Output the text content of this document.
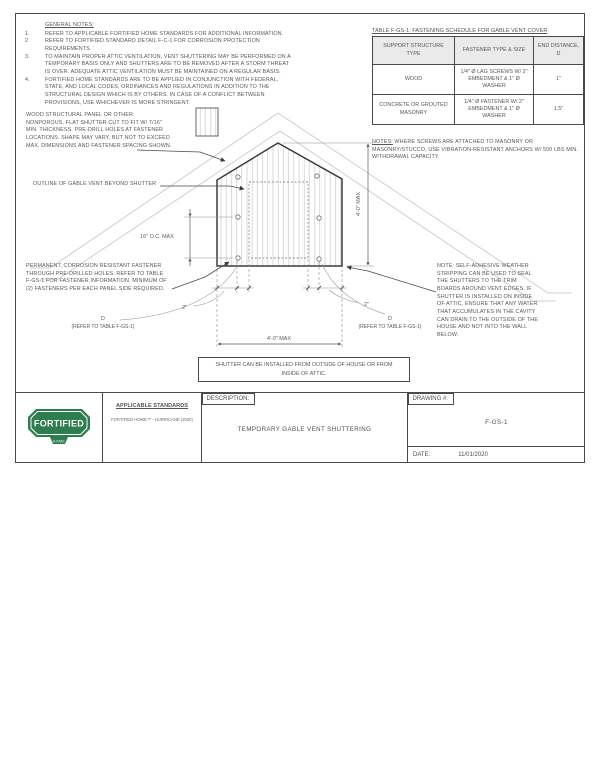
16" O.C. MAX
4'-0" MAX
4'-0" MAX
2"	2"
D
(REFER TO TABLE F-GS-1)
D
(REFER TO TABLE F-GS-1)
GENERAL NOTES:
1.	REFER TO APPLICABLE FORTIFIED HOME STANDARDS FOR ADDITIONAL INFORMATION.
2.	REFER TO FORTIFIED STANDARD DETAIL F-C-1 FOR CORROSION PROTECTION REQUIREMENTS.
3.	TO MAINTAIN PROPER ATTIC VENTILATION, VENT SHUTTERING MAY BE PERFORMED ON A TEMPORARY BASIS ONLY AND SHUTTERS ARE TO BE REMOVED AFTER A STORM THREAT IS OVER. ADEQUATE ATTIC VENTILATION MUST BE MAINTAINED ON A REGULAR BASIS.
4.	FORTIFIED HOME STANDARDS ARE TO BE APPLIED IN CONJUNCTION WITH FEDERAL, STATE, AND LOCAL CODES, ORDINANCES AND REGULATIONS IN ADDITION TO THE STRUCTURAL DESIGN WHICH IS BY OTHERS. IN CASE OF A CONFLICT BETWEEN PROVISIONS, USE WHICHEVER IS MORE STRINGENT.
WOOD STRUCTURAL PANEL OR OTHER NONPOROUS, FLAT SHUTTER CUT TO FIT W/ 7/16" MIN. THICKNESS. PRE-DRILL HOLES AT FASTENER LOCATIONS. SHAPE MAY VARY, BUT NOT TO EXCEED MAX. DIMENSIONS AND FASTENER SPACING SHOWN.
OUTLINE OF GABLE VENT BEYOND SHUTTER
PERMANENT, CORROSION RESISTANT FASTENER THROUGH PRE-DRILLED HOLES. REFER TO TABLE F-GS-1 FOR FASTENER INFORMATION. MINIMUM OF (2) FASTENERS PER EACH PANEL SIDE REQUIRED.
NOTE: SELF-ADHESIVE WEATHER STRIPPING CAN BE USED TO SEAL THE SHUTTERS TO THE TRIM BOARDS AROUND VENT EDGES. IF SHUTTER IS INSTALLED ON INSIDE OF ATTIC, ENSURE THAT ANY WATER THAT ACCUMULATES IN THE CAVITY CAN DRAIN TO THE OUTSIDE OF THE HOUSE AND NOT INTO THE WALL BELOW.
TABLE F-GS-1: FASTENING SCHEDULE FOR GABLE VENT COVER
SUPPORT STRUCTURE TYPE	FASTENER TYPE & SIZE	END DISTANCE, D
WOOD	1/4" Ø LAG SCREWS W/ 2" EMBEDMENT & 1" Ø WASHER	1"
CONCRETE OR GROUTED MASONRY	1/4" Ø FASTENER W/ 2" EMBEDMENT & 1" Ø WASHER	1.5"
NOTES: WHERE SCREWS ARE ATTACHED TO MASONRY OR MASONRY/STUCCO, USE VIBRATION-RESISTANT ANCHORS W/ 500 LBS MIN. WITHDRAWAL CAPACITY.
SHUTTER CAN BE INSTALLED FROM OUTSIDE OF HOUSE OR FROM INSIDE OF ATTIC.
FORTIFIED
HOME
APPLICABLE STANDARDS
FORTIFIED HOME™ - HURRICANE (2020)
DESCRIPTION:
TEMPORARY GABLE VENT SHUTTERING
DRAWING #:
F-GS-1
DATE:	11/01/2020
